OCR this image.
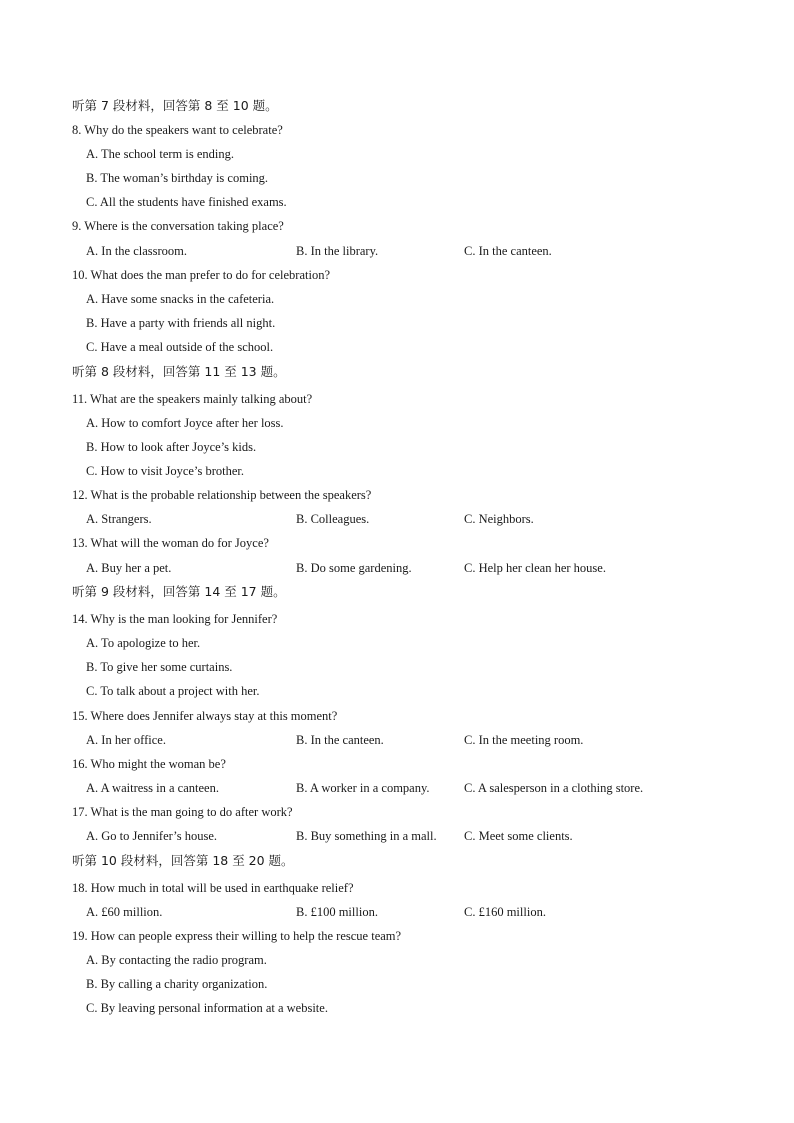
听第 7 段材料，回答第 8 至 10 题。
8. Why do the speakers want to celebrate?
A. The school term is ending.
B. The woman’s birthday is coming.
C. All the students have finished exams.
9. Where is the conversation taking place?
A. In the classroom.	B. In the library.	C. In the canteen.
10. What does the man prefer to do for celebration?
A. Have some snacks in the cafeteria.
B. Have a party with friends all night.
C. Have a meal outside of the school.
听第 8 段材料，回答第 11 至 13 题。
11. What are the speakers mainly talking about?
A. How to comfort Joyce after her loss.
B. How to look after Joyce’s kids.
C. How to visit Joyce’s brother.
12. What is the probable relationship between the speakers?
A. Strangers.	B. Colleagues.	C. Neighbors.
13. What will the woman do for Joyce?
A. Buy her a pet.	B. Do some gardening.	C. Help her clean her house.
听第 9 段材料，回答第 14 至 17 题。
14. Why is the man looking for Jennifer?
A. To apologize to her.
B. To give her some curtains.
C. To talk about a project with her.
15. Where does Jennifer always stay at this moment?
A. In her office.	B. In the canteen.	C. In the meeting room.
16. Who might the woman be?
A. A waitress in a canteen.	B. A worker in a company.	C. A salesperson in a clothing store.
17. What is the man going to do after work?
A. Go to Jennifer’s house.	B. Buy something in a mall. C. Meet some clients.
听第 10 段材料，回答第 18 至 20 题。
18. How much in total will be used in earthquake relief?
A. £60 million.	B. £100 million.	C. £160 million.
19. How can people express their willing to help the rescue team?
A. By contacting the radio program.
B. By calling a charity organization.
C. By leaving personal information at a website.
